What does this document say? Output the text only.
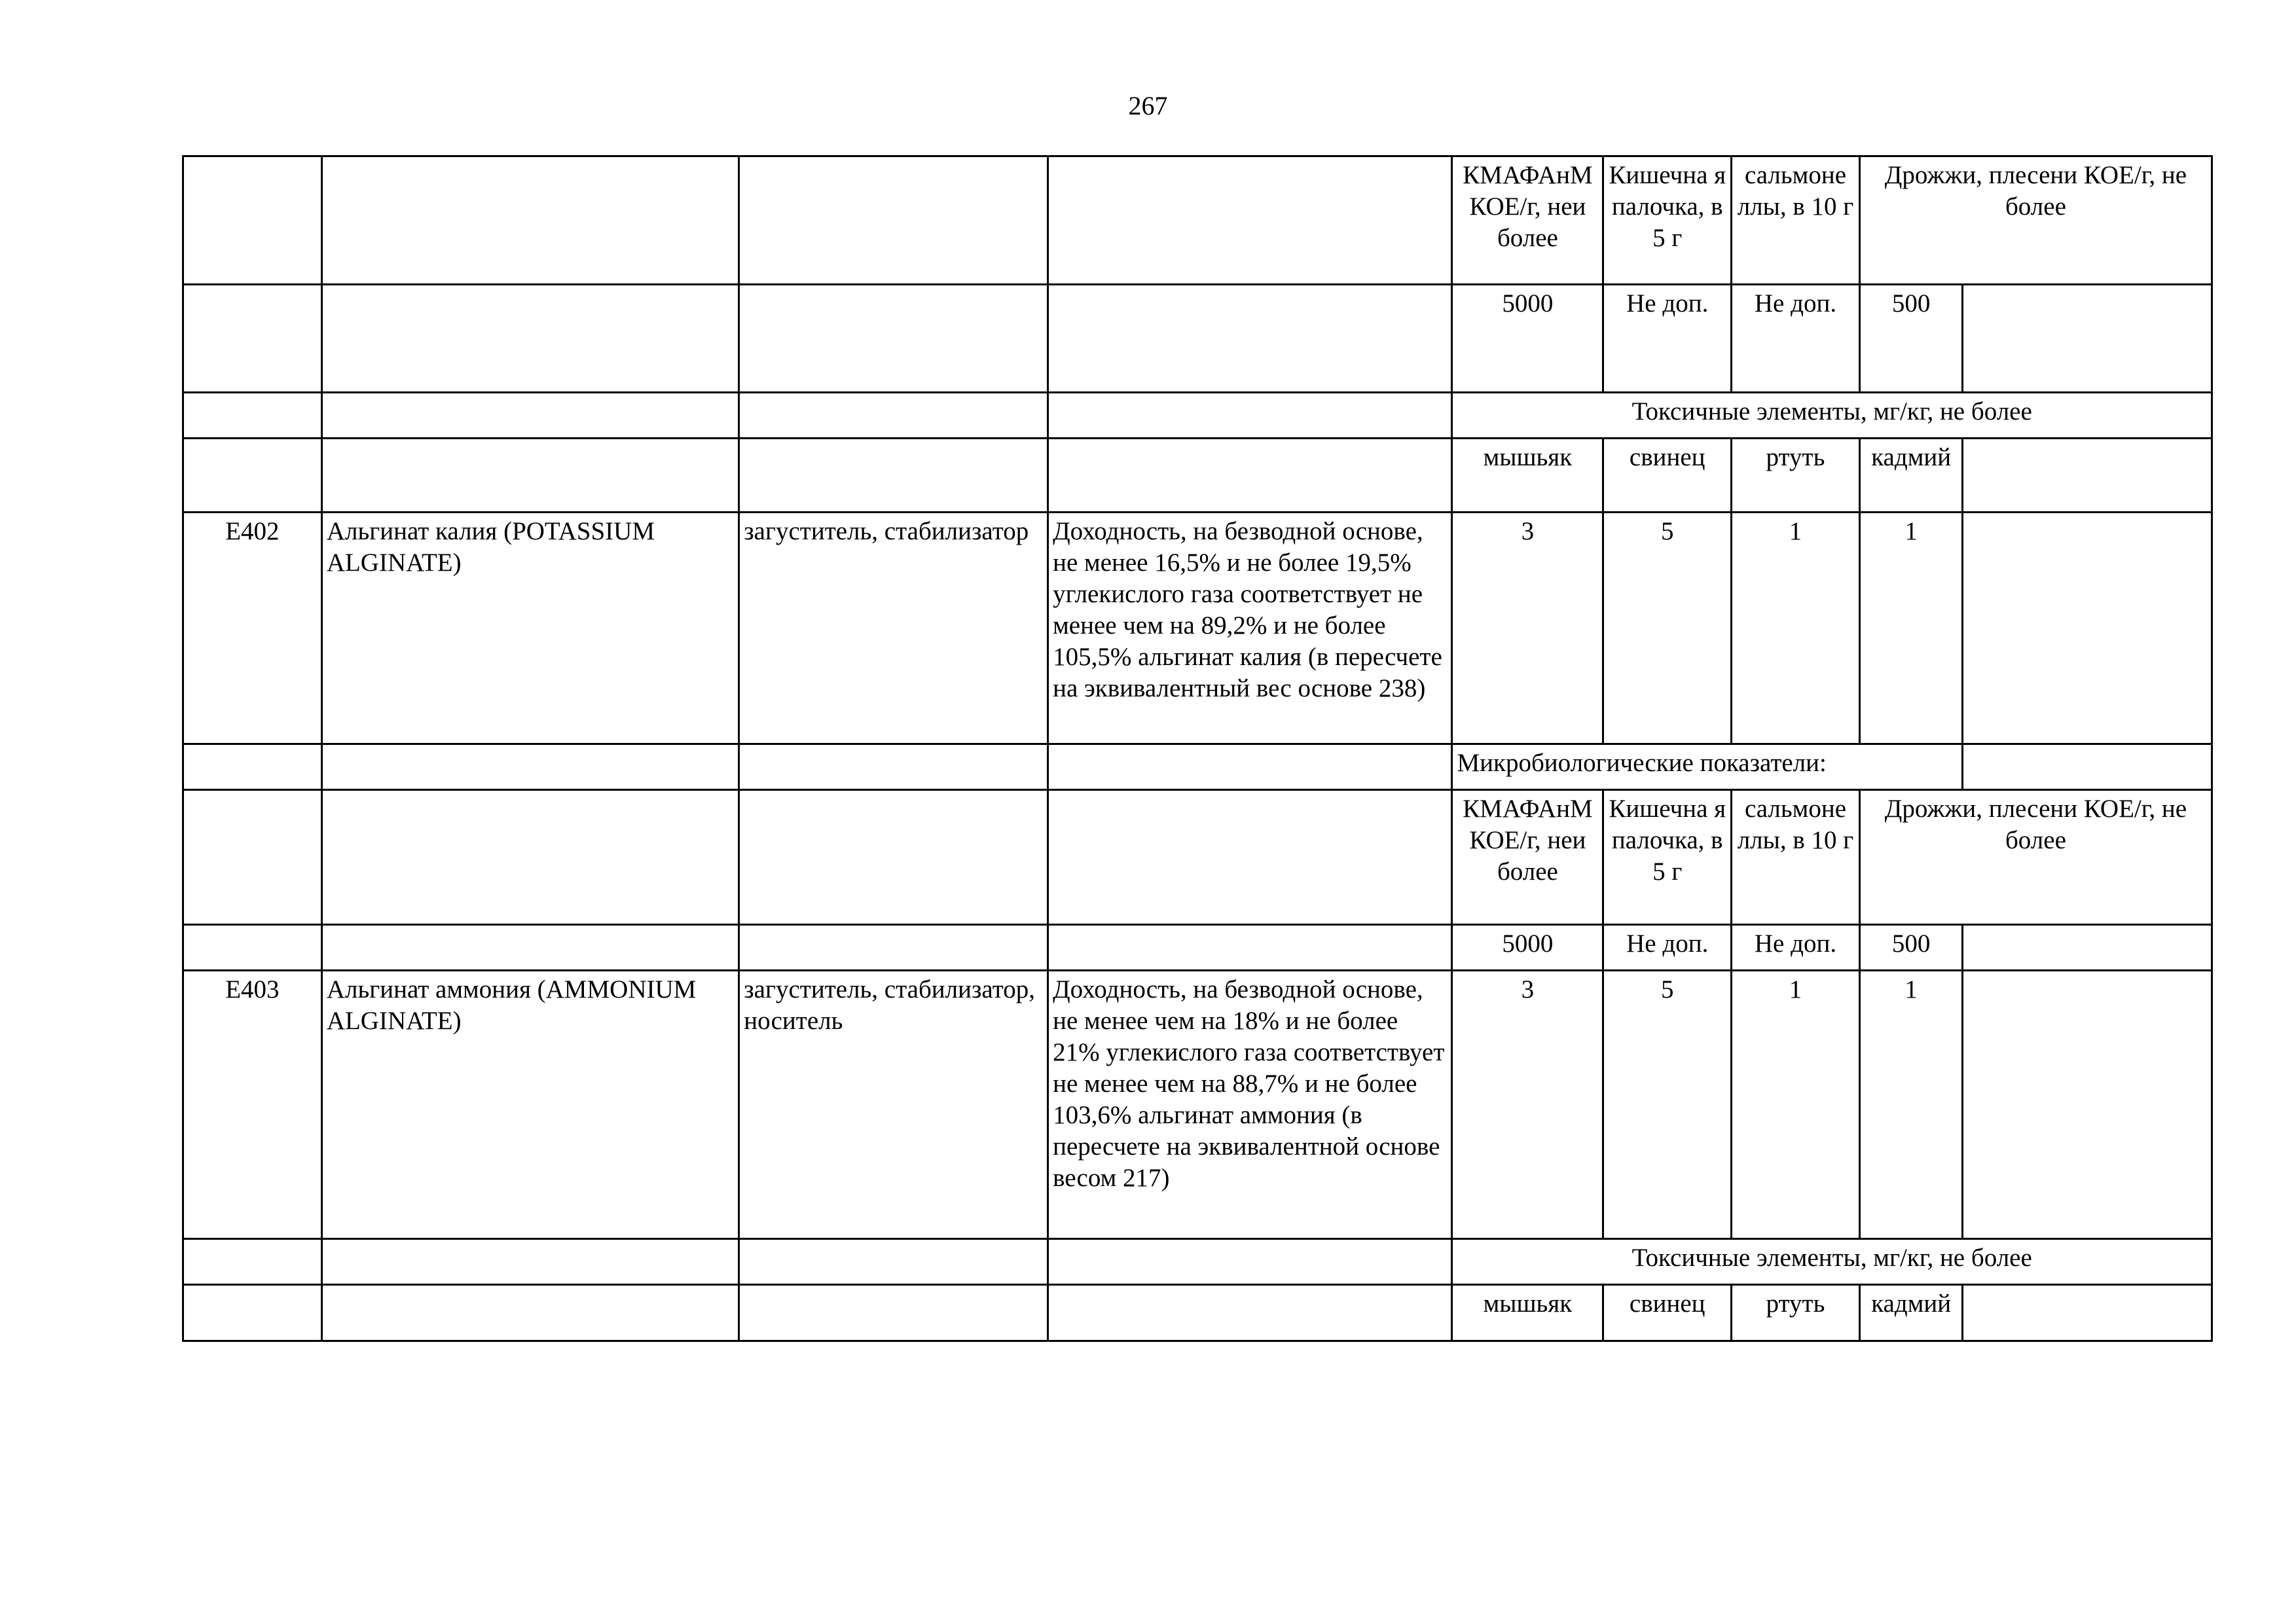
267
				КМАФАнМ КОЕ/г, неи более	Кишечна я палочка, в 5 г	сальмоне ллы, в 10 г	Дрожжи, плесени КОЕ/г, не более	
				5000	Не доп.	Не доп.	500	
				Токсичные элементы, мг/кг, не более				
				мышьяк	свинец	ртуть	кадмий	
Е402	Альгинат калия (POTASSIUM ALGINATE)	загуститель, стабилизатор	Доходность, на безводной основе, не менее 16,5% и не более 19,5% углекислого газа соответствует не менее чем на 89,2% и не более 105,5% альгинат калия (в пересчете на эквивалентный вес основе 238)	3	5	1	1	
				Микробиологические показатели:				
				КМАФАнМ КОЕ/г, неи более	Кишечна я палочка, в 5 г	сальмоне ллы, в 10 г	Дрожжи, плесени КОЕ/г, не более	
				5000	Не доп.	Не доп.	500	
Е403	Альгинат аммония (AMMONIUM ALGINATE)	загуститель, стабилизатор, носитель	Доходность, на безводной основе, не менее чем на 18% и не более 21% углекислого газа соответствует не менее чем на 88,7% и не более 103,6% альгинат аммония (в пересчете на эквивалентной основе весом 217)	3	5	1	1	
				Токсичные элементы, мг/кг, не более				
				мышьяк	свинец	ртуть	кадмий	
